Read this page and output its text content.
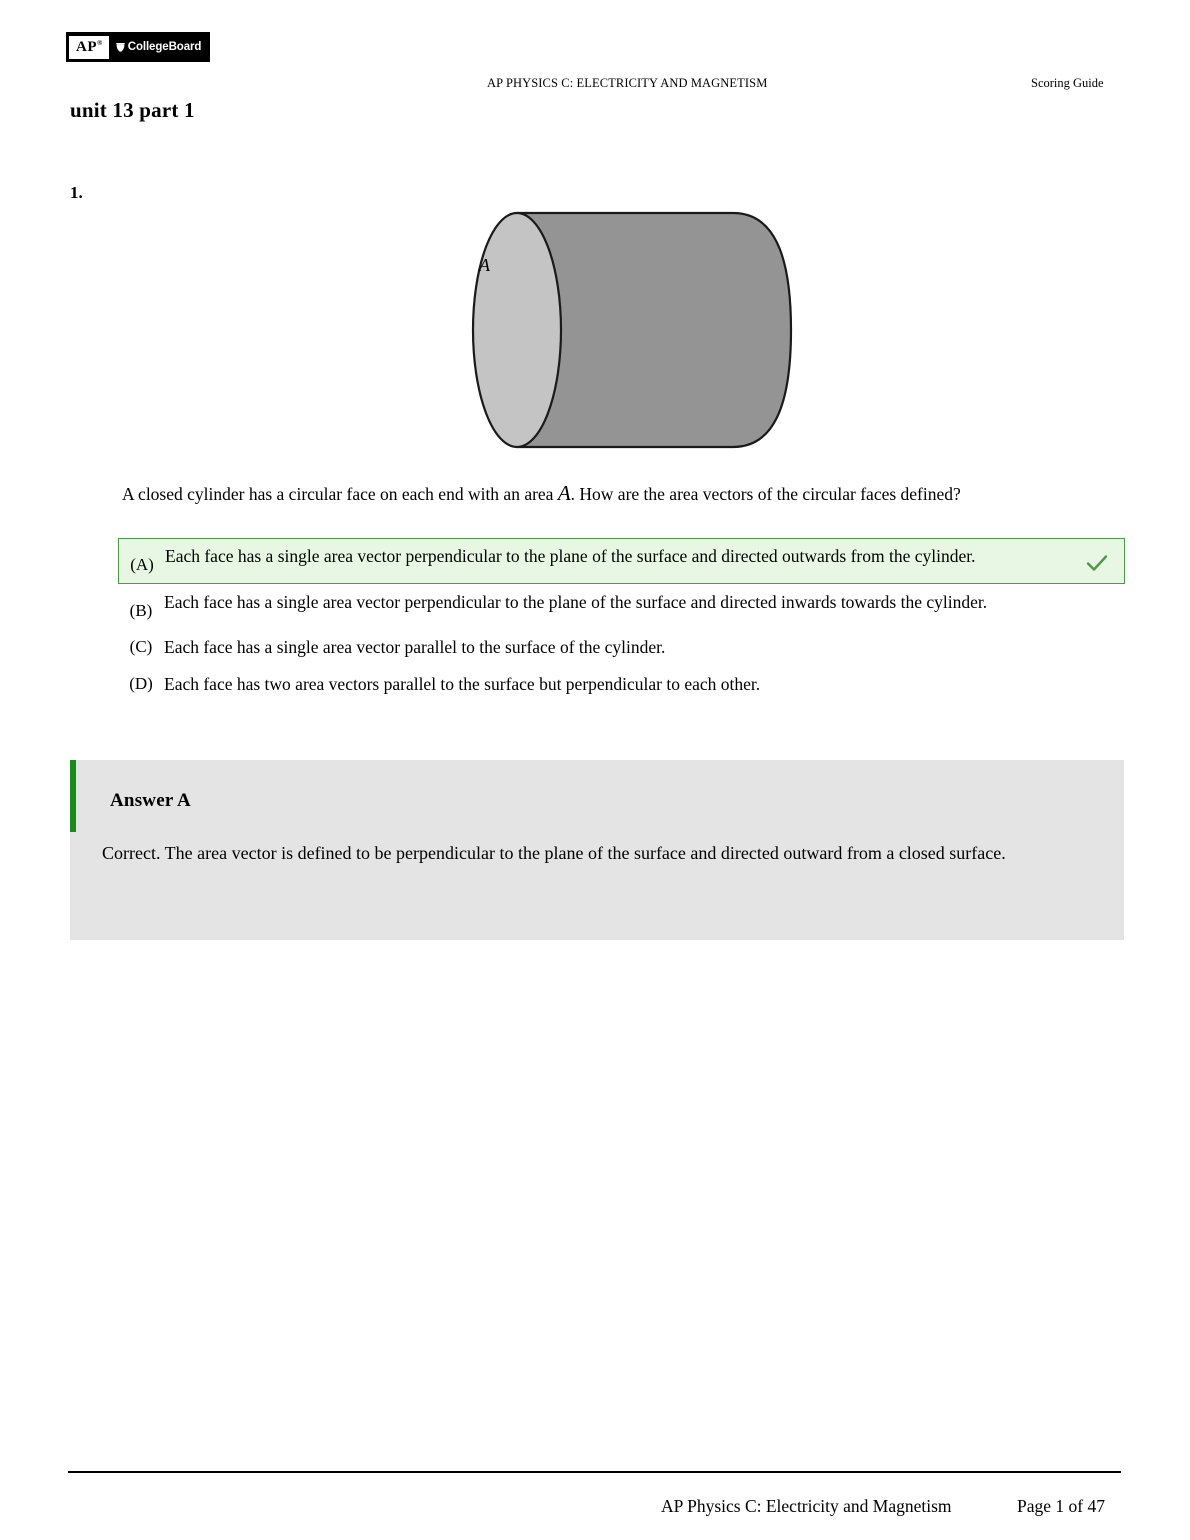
AP®	CollegeBoard
AP PHYSICS C: ELECTRICITY AND MAGNETISM	Scoring Guide
unit 13 part 1
1.
A
A closed cylinder has a circular face on each end with an area A. How are the area vectors of the circular faces defined?
(A) Each face has a single area vector perpendicular to the plane of the surface and directed outwards from the cylinder.
(B) Each face has a single area vector perpendicular to the plane of the surface and directed inwards towards the cylinder.
(C) Each face has a single area vector parallel to the surface of the cylinder.
(D) Each face has two area vectors parallel to the surface but perpendicular to each other.
Answer A
Correct. The area vector is defined to be perpendicular to the plane of the surface and directed outward from a closed surface.
AP Physics C: Electricity and Magnetism	Page 1 of 47
